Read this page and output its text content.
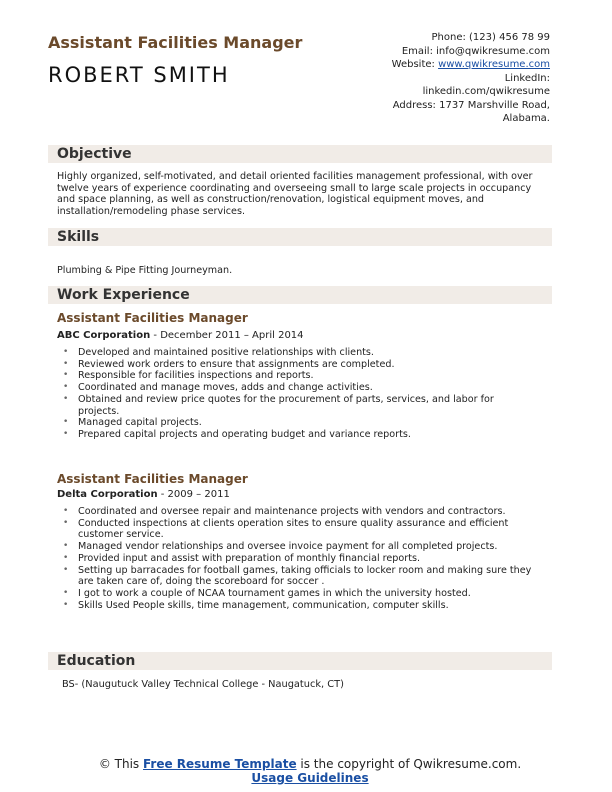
Assistant Facilities Manager
ROBERT SMITH
Phone: (123) 456 78 99
Email: info@qwikresume.com
Website: www.qwikresume.com
LinkedIn:
linkedin.com/qwikresume
Address: 1737 Marshville Road,
Alabama.
Objective
Highly organized, self-motivated, and detail oriented facilities management professional, with over twelve years of experience coordinating and overseeing small to large scale projects in occupancy and space planning, as well as construction/renovation, logistical equipment moves, and installation/remodeling phase services.
Skills
Plumbing & Pipe Fitting Journeyman.
Work Experience
Assistant Facilities Manager
ABC Corporation - December 2011 – April 2014
• Developed and maintained positive relationships with clients.
• Reviewed work orders to ensure that assignments are completed.
• Responsible for facilities inspections and reports.
• Coordinated and manage moves, adds and change activities.
• Obtained and review price quotes for the procurement of parts, services, and labor for projects.
• Managed capital projects.
• Prepared capital projects and operating budget and variance reports.
Assistant Facilities Manager
Delta Corporation - 2009 – 2011
• Coordinated and oversee repair and maintenance projects with vendors and contractors.
• Conducted inspections at clients operation sites to ensure quality assurance and efficient customer service.
• Managed vendor relationships and oversee invoice payment for all completed projects.
• Provided input and assist with preparation of monthly financial reports.
• Setting up barracades for football games, taking officials to locker room and making sure they are taken care of, doing the scoreboard for soccer .
• I got to work a couple of NCAA tournament games in which the university hosted.
• Skills Used People skills, time management, communication, computer skills.
Education
BS- (Naugutuck Valley Technical College - Naugatuck, CT)
© This Free Resume Template is the copyright of Qwikresume.com. Usage Guidelines
